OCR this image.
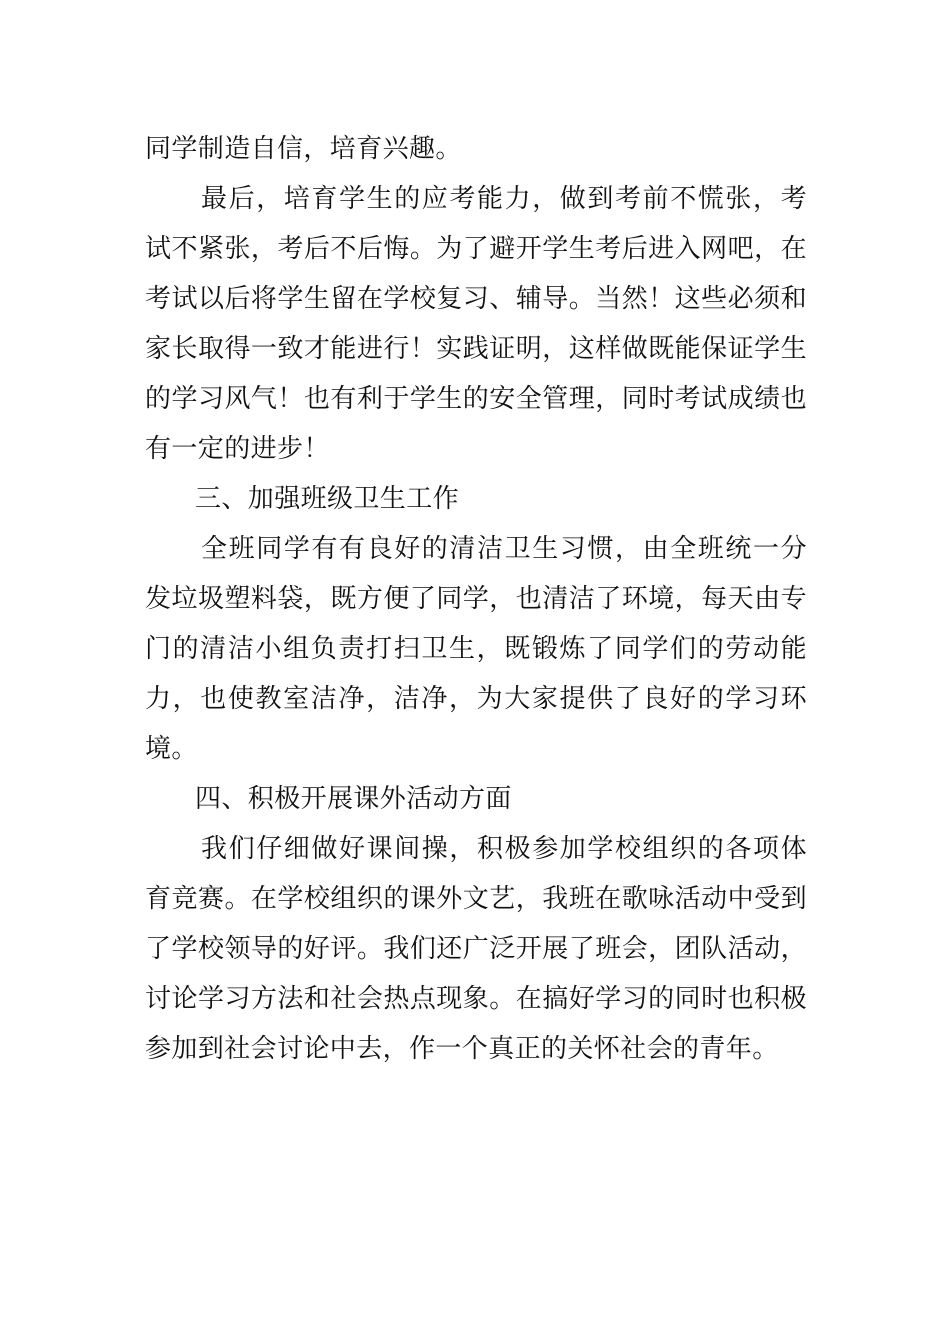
同学制造自信，培育兴趣。

最后，培育学生的应考能力，做到考前不慌张，考试不紧张，考后不后悔。为了避开学生考后进入网吧，在考试以后将学生留在学校复习、辅导。当然！这些必须和家长取得一致才能进行！实践证明，这样做既能保证学生的学习风气！也有利于学生的安全管理，同时考试成绩也有一定的进步！

三、加强班级卫生工作

全班同学有有良好的清洁卫生习惯，由全班统一分发垃圾塑料袋，既方便了同学，也清洁了环境，每天由专门的清洁小组负责打扫卫生，既锻炼了同学们的劳动能力，也使教室洁净，洁净，为大家提供了良好的学习环境。

四、积极开展课外活动方面

我们仔细做好课间操，积极参加学校组织的各项体育竞赛。在学校组织的课外文艺，我班在歌咏活动中受到了学校领导的好评。我们还广泛开展了班会，团队活动，讨论学习方法和社会热点现象。在搞好学习的同时也积极参加到社会讨论中去，作一个真正的关怀社会的青年。
